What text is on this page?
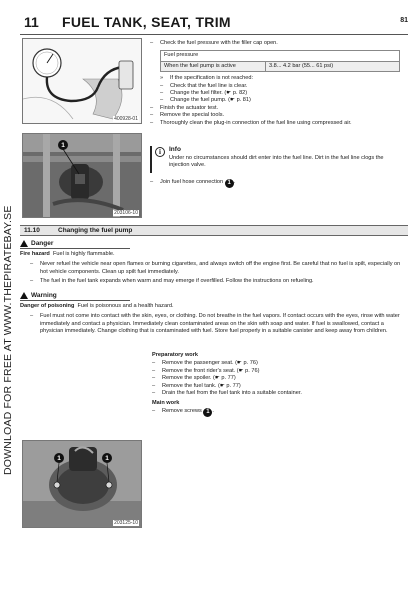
DOWNLOAD FOR FREE AT WWW.THEPIRATEBAY.SE
11 FUEL TANK, SEAT, TRIM	81
400928-01
1
203106-10
– Check the fuel pressure with the filler cap open.
Fuel pressure
When the fuel pump is active	3.8... 4.2 bar (55... 61 psi)
» If the specification is not reached:
– Check that the fuel line is clear.
– Change the fuel filter. (☛ p. 82)
– Change the fuel pump. (☛ p. 81)
– Finish the actuator test.
– Remove the special tools.
– Thoroughly clean the plug-in connection of the fuel line using compressed air.
i	Info
Under no circumstances should dirt enter into the fuel line. Dirt in the fuel line clogs the injection valve.
– Join fuel hose connection 1 .
11.10	Changing the fuel pump
Danger
Fire hazard Fuel is highly flammable.
– Never refuel the vehicle near open flames or burning cigarettes, and always switch off the engine first. Be careful that no fuel is spilt, especially on hot vehicle components. Clean up spilt fuel immediately.
– The fuel in the fuel tank expands when warm and may emerge if overfilled. Follow the instructions on refueling.
Warning
Danger of poisoning Fuel is poisonous and a health hazard.
– Fuel must not come into contact with the skin, eyes, or clothing. Do not breathe in the fuel vapors. If contact occurs with the eyes, rinse with water immediately and contact a physician. Immediately clean contaminated areas on the skin with soap and water. If fuel is swallowed, contact a physician immediately. Change clothing that is contaminated with fuel. Store fuel properly in a suitable canister and keep away from children.
Preparatory work
– Remove the passenger seat. (☛ p. 76)
– Remove the front rider's seat. (☛ p. 76)
– Remove the spoiler. (☛ p. 77)
– Remove the fuel tank. (☛ p. 77)
– Drain the fuel from the fuel tank into a suitable container.
Main work
– Remove screws 1 .
1	1
203125-10
